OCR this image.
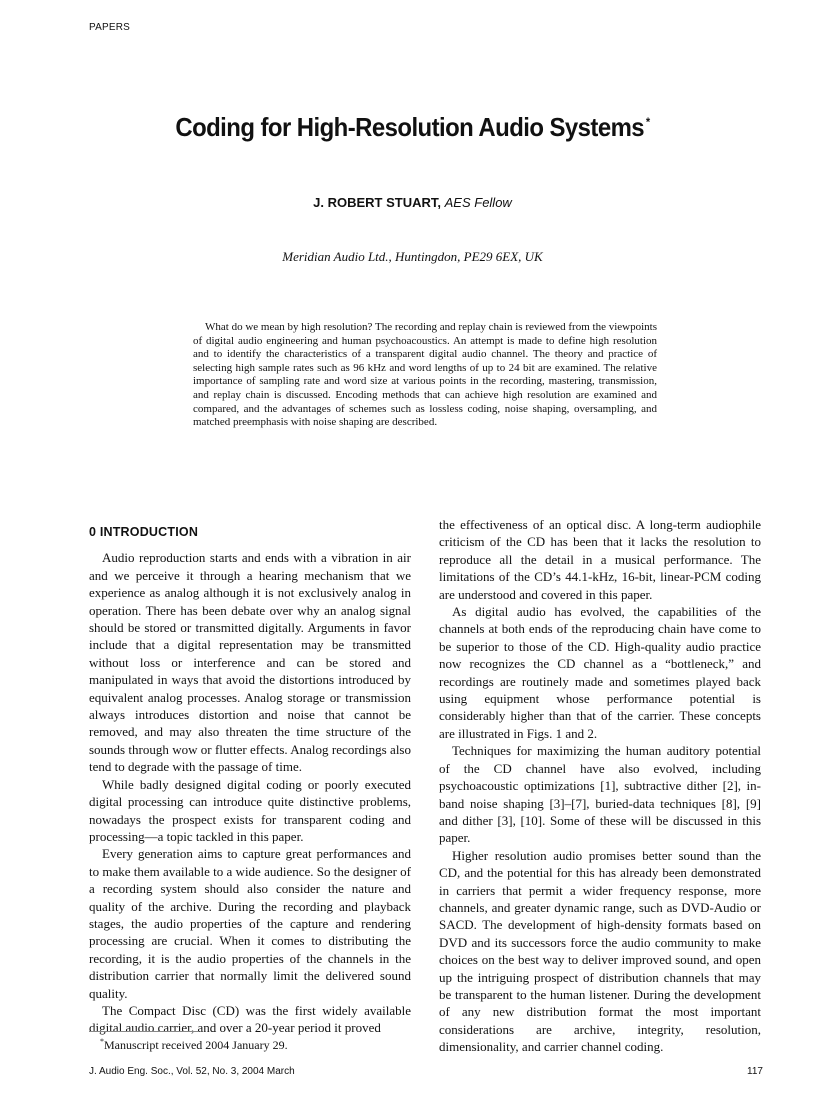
PAPERS
Coding for High-Resolution Audio Systems *
J. ROBERT STUART, AES Fellow
Meridian Audio Ltd., Huntingdon, PE29 6EX, UK

What do we mean by high resolution? The recording and replay chain is reviewed from the viewpoints of digital audio engineering and human psychoacoustics. An attempt is made to define high resolution and to identify the characteristics of a transparent digital audio channel. The theory and practice of selecting high sample rates such as 96 kHz and word lengths of up to 24 bit are examined. The relative importance of sampling rate and word size at various points in the recording, mastering, transmission, and replay chain is discussed. Encoding methods that can achieve high resolution are examined and compared, and the advantages of schemes such as lossless coding, noise shaping, oversampling, and matched preemphasis with noise shaping are described.

0 INTRODUCTION

Audio reproduction starts and ends with a vibration in air and we perceive it through a hearing mechanism that we experience as analog although it is not exclusively analog in operation. There has been debate over why an analog signal should be stored or transmitted digitally. Arguments in favor include that a digital representation may be transmitted without loss or interference and can be stored and manipulated in ways that avoid the distortions introduced by equivalent analog processes. Analog storage or transmission always introduces distortion and noise that cannot be removed, and may also threaten the time structure of the sounds through wow or flutter effects. Analog recordings also tend to degrade with the passage of time.

While badly designed digital coding or poorly executed digital processing can introduce quite distinctive problems, nowadays the prospect exists for transparent coding and processing—a topic tackled in this paper.

Every generation aims to capture great performances and to make them available to a wide audience. So the designer of a recording system should also consider the nature and quality of the archive. During the recording and playback stages, the audio properties of the capture and rendering processing are crucial. When it comes to distributing the recording, it is the audio properties of the channels in the distribution carrier that normally limit the delivered sound quality.

The Compact Disc (CD) was the first widely available digital audio carrier, and over a 20-year period it proved

the effectiveness of an optical disc. A long-term audiophile criticism of the CD has been that it lacks the resolution to reproduce all the detail in a musical performance. The limitations of the CD’s 44.1-kHz, 16-bit, linear-PCM coding are understood and covered in this paper.

As digital audio has evolved, the capabilities of the channels at both ends of the reproducing chain have come to be superior to those of the CD. High-quality audio practice now recognizes the CD channel as a “bottleneck,” and recordings are routinely made and sometimes played back using equipment whose performance potential is considerably higher than that of the carrier. These concepts are illustrated in Figs. 1 and 2.

Techniques for maximizing the human auditory potential of the CD channel have also evolved, including psychoacoustic optimizations [1], subtractive dither [2], in-band noise shaping [3]–[7], buried-data techniques [8], [9] and dither [3], [10]. Some of these will be discussed in this paper.

Higher resolution audio promises better sound than the CD, and the potential for this has already been demonstrated in carriers that permit a wider frequency response, more channels, and greater dynamic range, such as DVD-Audio or SACD. The development of high-density formats based on DVD and its successors force the audio community to make choices on the best way to deliver improved sound, and open up the intriguing prospect of distribution channels that may be transparent to the human listener. During the development of any new distribution format the most important considerations are archive, integrity, resolution, dimensionality, and carrier channel coding.

*Manuscript received 2004 January 29.
J. Audio Eng. Soc., Vol. 52, No. 3, 2004 March	117
